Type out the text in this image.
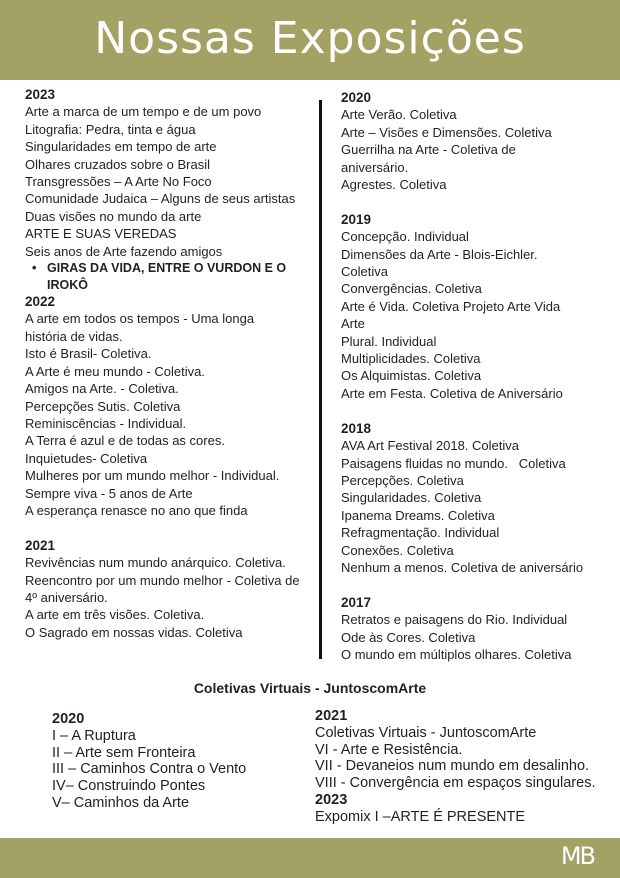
Nossas Exposições
2023
Arte a marca de um tempo e de um povo
Litografia: Pedra, tinta e água
Singularidades em tempo de arte
Olhares cruzados sobre o Brasil
Transgressões – A Arte No Foco
Comunidade Judaica – Alguns de seus artistas
Duas visões no mundo da arte
ARTE E SUAS VEREDAS
Seis anos de Arte fazendo amigos
• GIRAS DA VIDA, ENTRE O VURDON E O IROKÔ
2022
A arte em todos os tempos - Uma longa história de vidas.
Isto é Brasil- Coletiva.
A Arte é meu mundo - Coletiva.
Amigos na Arte. - Coletiva.
Percepções Sutis. Coletiva
Reminiscências - Individual.
A Terra é azul e de todas as cores.
Inquietudes- Coletiva
Mulheres por um mundo melhor - Individual.
Sempre viva - 5 anos de Arte
A esperança renasce no ano que finda
2021
Revivências num mundo anárquico. Coletiva.
Reencontro por um mundo melhor - Coletiva de 4º aniversário.
A arte em três visões. Coletiva.
O Sagrado em nossas vidas. Coletiva
2020
Arte Verão. Coletiva
Arte – Visões e Dimensões. Coletiva
Guerrilha na Arte - Coletiva de aniversário.
Agrestes. Coletiva
2019
Concepção. Individual
Dimensões da Arte - Blois-Eichler. Coletiva
Convergências. Coletiva
Arte é Vida. Coletiva Projeto Arte Vida Arte
Plural. Individual
Multiplicidades. Coletiva
Os Alquimistas. Coletiva
Arte em Festa. Coletiva de Aniversário
2018
AVA Art Festival 2018. Coletiva
Paisagens fluidas no mundo.   Coletiva
Percepções. Coletiva
Singularidades. Coletiva
Ipanema Dreams. Coletiva
Refragmentação. Individual
Conexões. Coletiva
Nenhum a menos. Coletiva de aniversário
2017
Retratos e paisagens do Rio. Individual
Ode às Cores. Coletiva
O mundo em múltiplos olhares. Coletiva
Coletivas Virtuais - JuntoscomArte
2020
I – A Ruptura
II – Arte sem Fronteira
III – Caminhos Contra o Vento
IV– Construindo Pontes
V– Caminhos da Arte
2021
Coletivas Virtuais - JuntoscomArte
VI - Arte e Resistência.
VII - Devaneios num mundo em desalinho.
VIII - Convergência em espaços singulares.
2023
Expomix I –ARTE É PRESENTE
MB
